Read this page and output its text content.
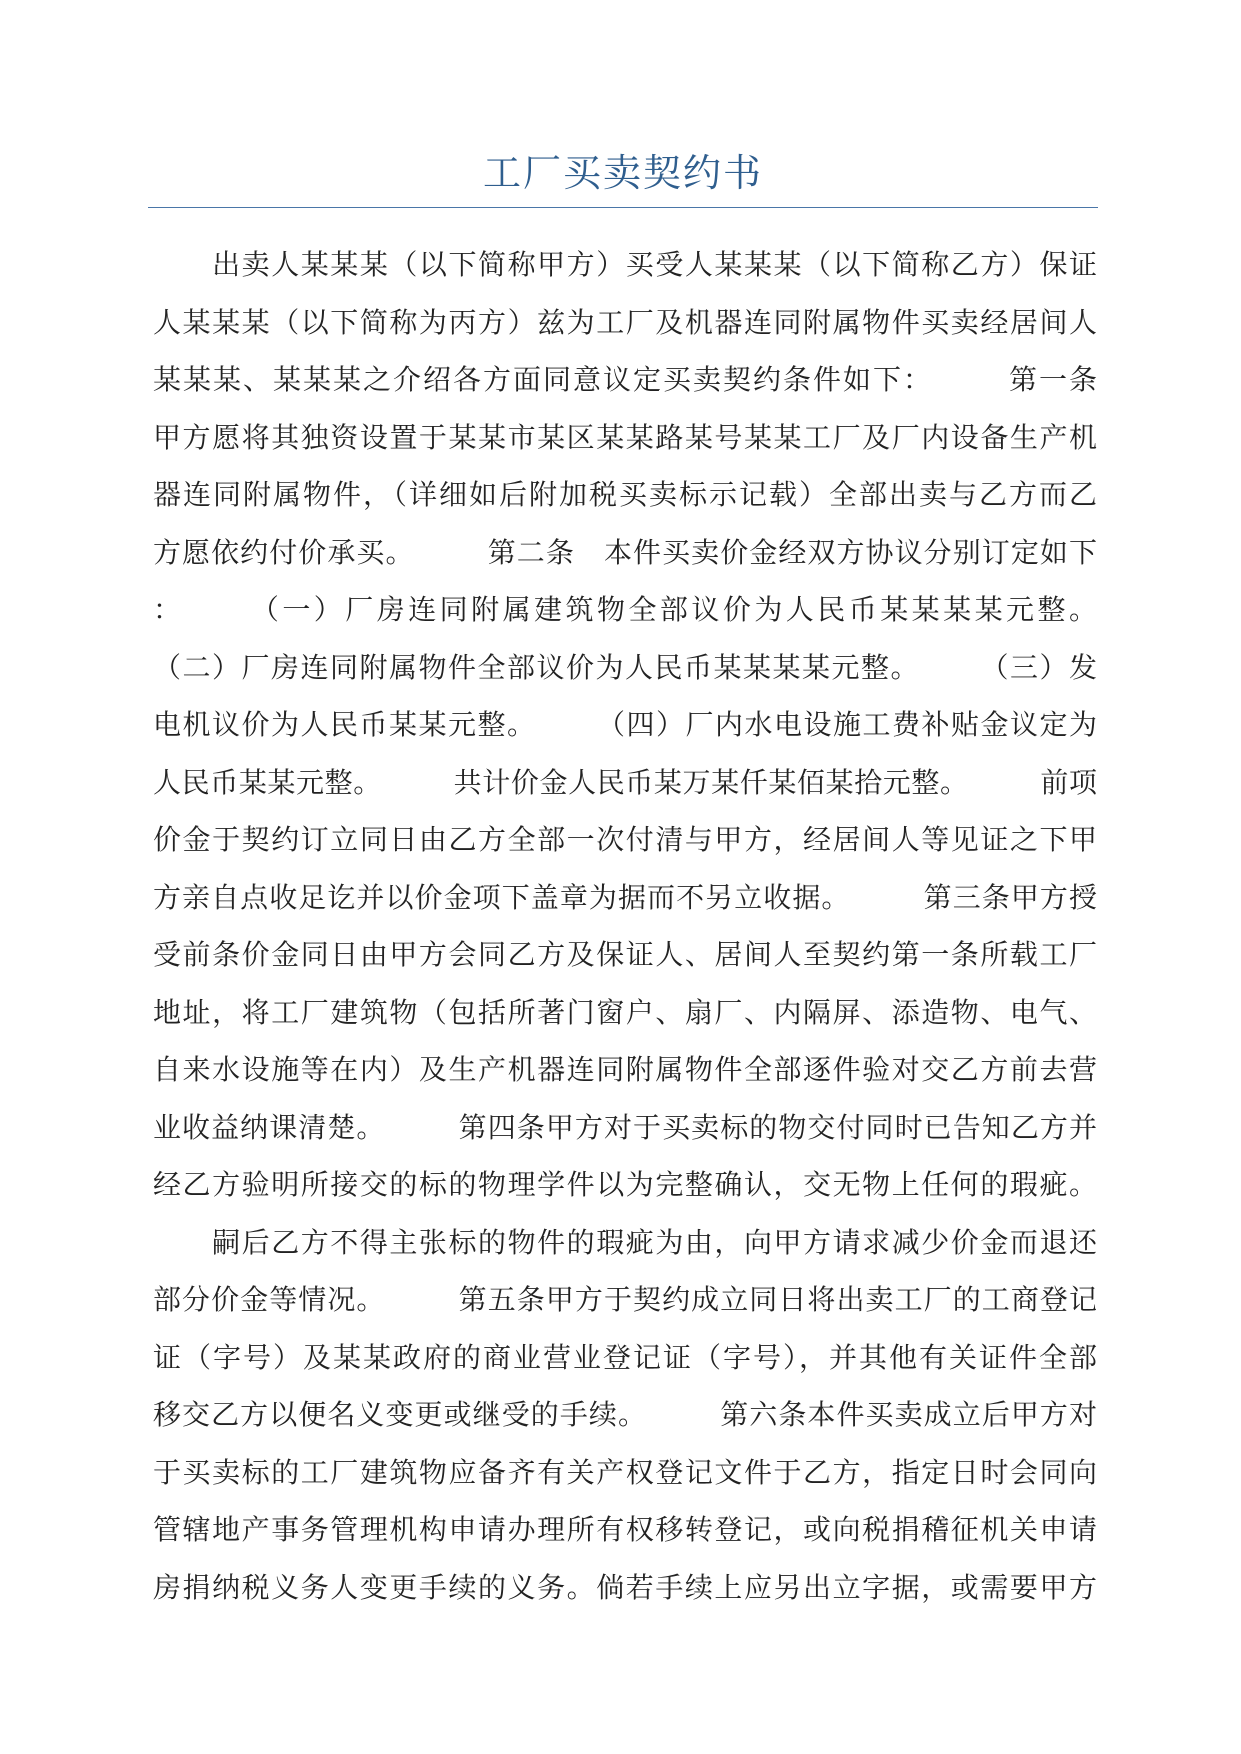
工厂买卖契约书
　　出卖人某某某（以下简称甲方）买受人某某某（以下简称乙方）保证
人某某某（以下简称为丙方）兹为工厂及机器连同附属物件买卖经居间人
某某某、某某某之介绍各方面同意议定买卖契约条件如下：　　　第一条
甲方愿将其独资设置于某某市某区某某路某号某某工厂及厂内设备生产机
器连同附属物件，（详细如后附加税买卖标示记载）全部出卖与乙方而乙
方愿依约付价承买。　　　第二条　本件买卖价金经双方协议分别订定如下
：　　　（一）厂房连同附属建筑物全部议价为人民币某某某某元整。
（二）厂房连同附属物件全部议价为人民币某某某某元整。　　　（三）发
电机议价为人民币某某元整。　　　（四）厂内水电设施工费补贴金议定为
人民币某某元整。　　　共计价金人民币某万某仟某佰某拾元整。　　　前项
价金于契约订立同日由乙方全部一次付清与甲方，经居间人等见证之下甲
方亲自点收足讫并以价金项下盖章为据而不另立收据。　　　第三条甲方授
受前条价金同日由甲方会同乙方及保证人、居间人至契约第一条所载工厂
地址，将工厂建筑物（包括所著门窗户、扇厂、内隔屏、添造物、电气、
自来水设施等在内）及生产机器连同附属物件全部逐件验对交乙方前去营
业收益纳课清楚。　　　第四条甲方对于买卖标的物交付同时已告知乙方并
经乙方验明所接交的标的物理学件以为完整确认，交无物上任何的瑕疵。
　　嗣后乙方不得主张标的物件的瑕疵为由，向甲方请求减少价金而退还
部分价金等情况。　　　第五条甲方于契约成立同日将出卖工厂的工商登记
证（字号）及某某政府的商业营业登记证（字号），并其他有关证件全部
移交乙方以便名义变更或继受的手续。　　　第六条本件买卖成立后甲方对
于买卖标的工厂建筑物应备齐有关产权登记文件于乙方，指定日时会同向
管辖地产事务管理机构申请办理所有权移转登记，或向税捐稽征机关申请
房捐纳税义务人变更手续的义务。倘若手续上应另出立字据，或需要甲方
